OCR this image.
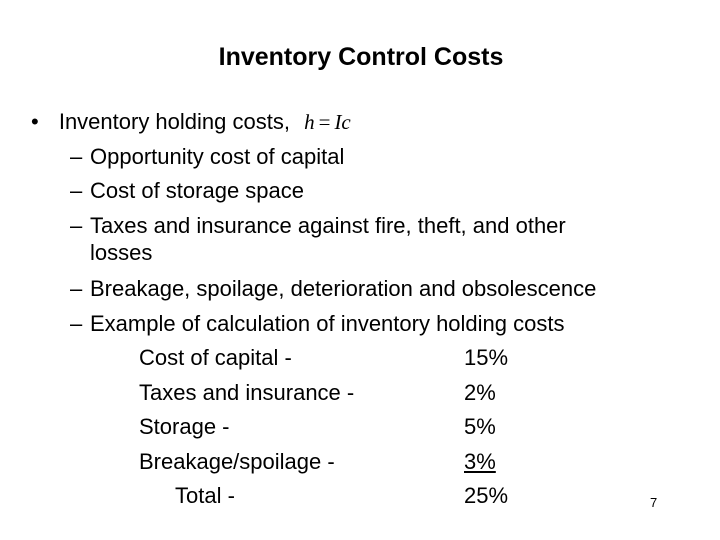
Inventory Control Costs
• Inventory holding costs, h = Ic
– Opportunity cost of capital
– Cost of storage space
– Taxes and insurance against fire, theft, and other
losses
– Breakage, spoilage, deterioration and obsolescence
– Example of calculation of inventory holding costs
Cost of capital -	15%
Taxes and insurance -	2%
Storage -	5%
Breakage/spoilage -	3%
Total -	25%	7
